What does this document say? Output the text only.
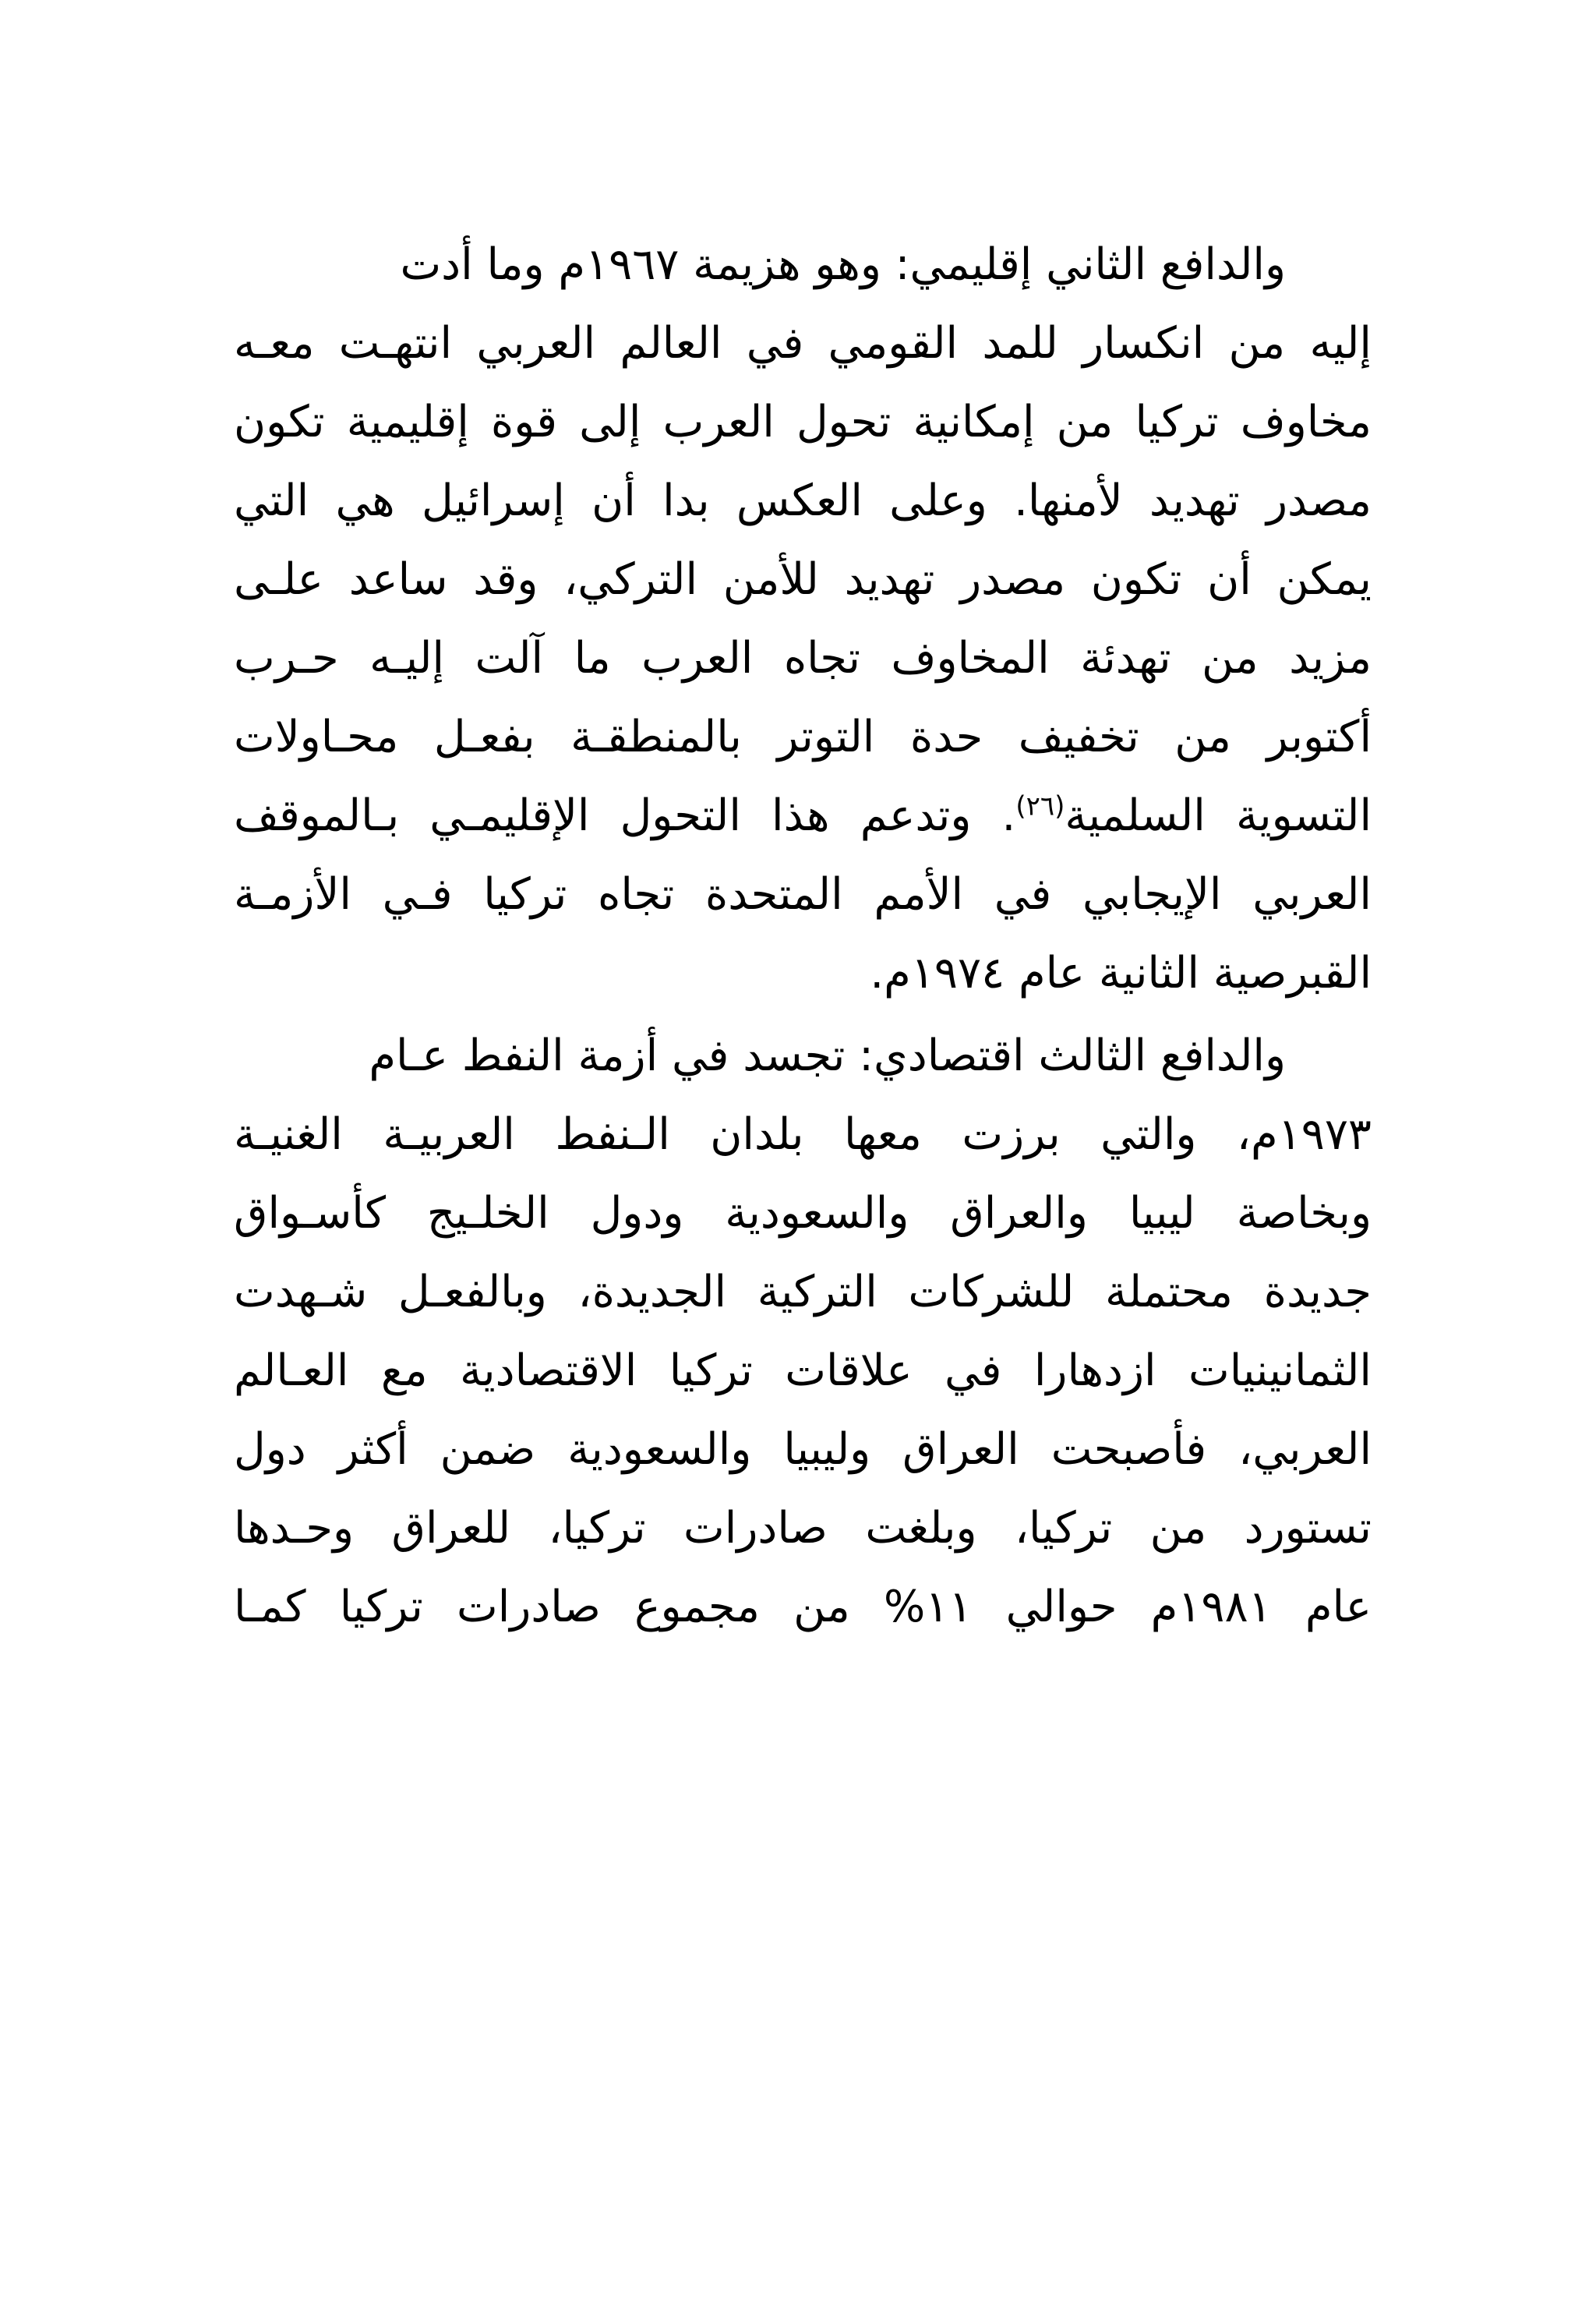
والدافع الثاني إقليمي: وهو هزيمة ١٩٦٧م وما أدت
إليه من انكسار للمد القومي في العالم العربي انتهـت معـه
مخاوف تركيا من إمكانية تحول العرب إلى قوة إقليمية تكون
مصدر تهديد لأمنها. وعلى العكس بدا أن إسرائيل هي التي
يمكن أن تكون مصدر تهديد للأمن التركي، وقد ساعد علـى
مزيد من تهدئة المخاوف تجاه العرب ما آلت إليـه حـرب
أكتوبر من تخفيف حدة التوتر بالمنطقـة بفعـل محـاولات
التسوية السلمية$^{(٢٦)}$. وتدعم هذا التحول الإقليمـي بـالموقف
العربي الإيجابي في الأمم المتحدة تجاه تركيا فـي الأزمـة
القبرصية الثانية عام ١٩٧٤م.
والدافع الثالث اقتصادي: تجسد في أزمة النفط عـام
١٩٧٣م، والتي برزت معها بلدان الـنفط العربيـة الغنيـة
وبخاصة ليبيا والعراق والسعودية ودول الخلـيج كأسـواق
جديدة محتملة للشركات التركية الجديدة، وبالفعـل شـهدت
الثمانينيات ازدهارا في علاقات تركيا الاقتصادية مع العـالم
العربي، فأصبحت العراق وليبيا والسعودية ضمن أكثر دول
تستورد من تركيا، وبلغت صادرات تركيا، للعراق وحـدها
عام ١٩٨١م حوالي ١١% من مجموع صادرات تركيا كمـا
